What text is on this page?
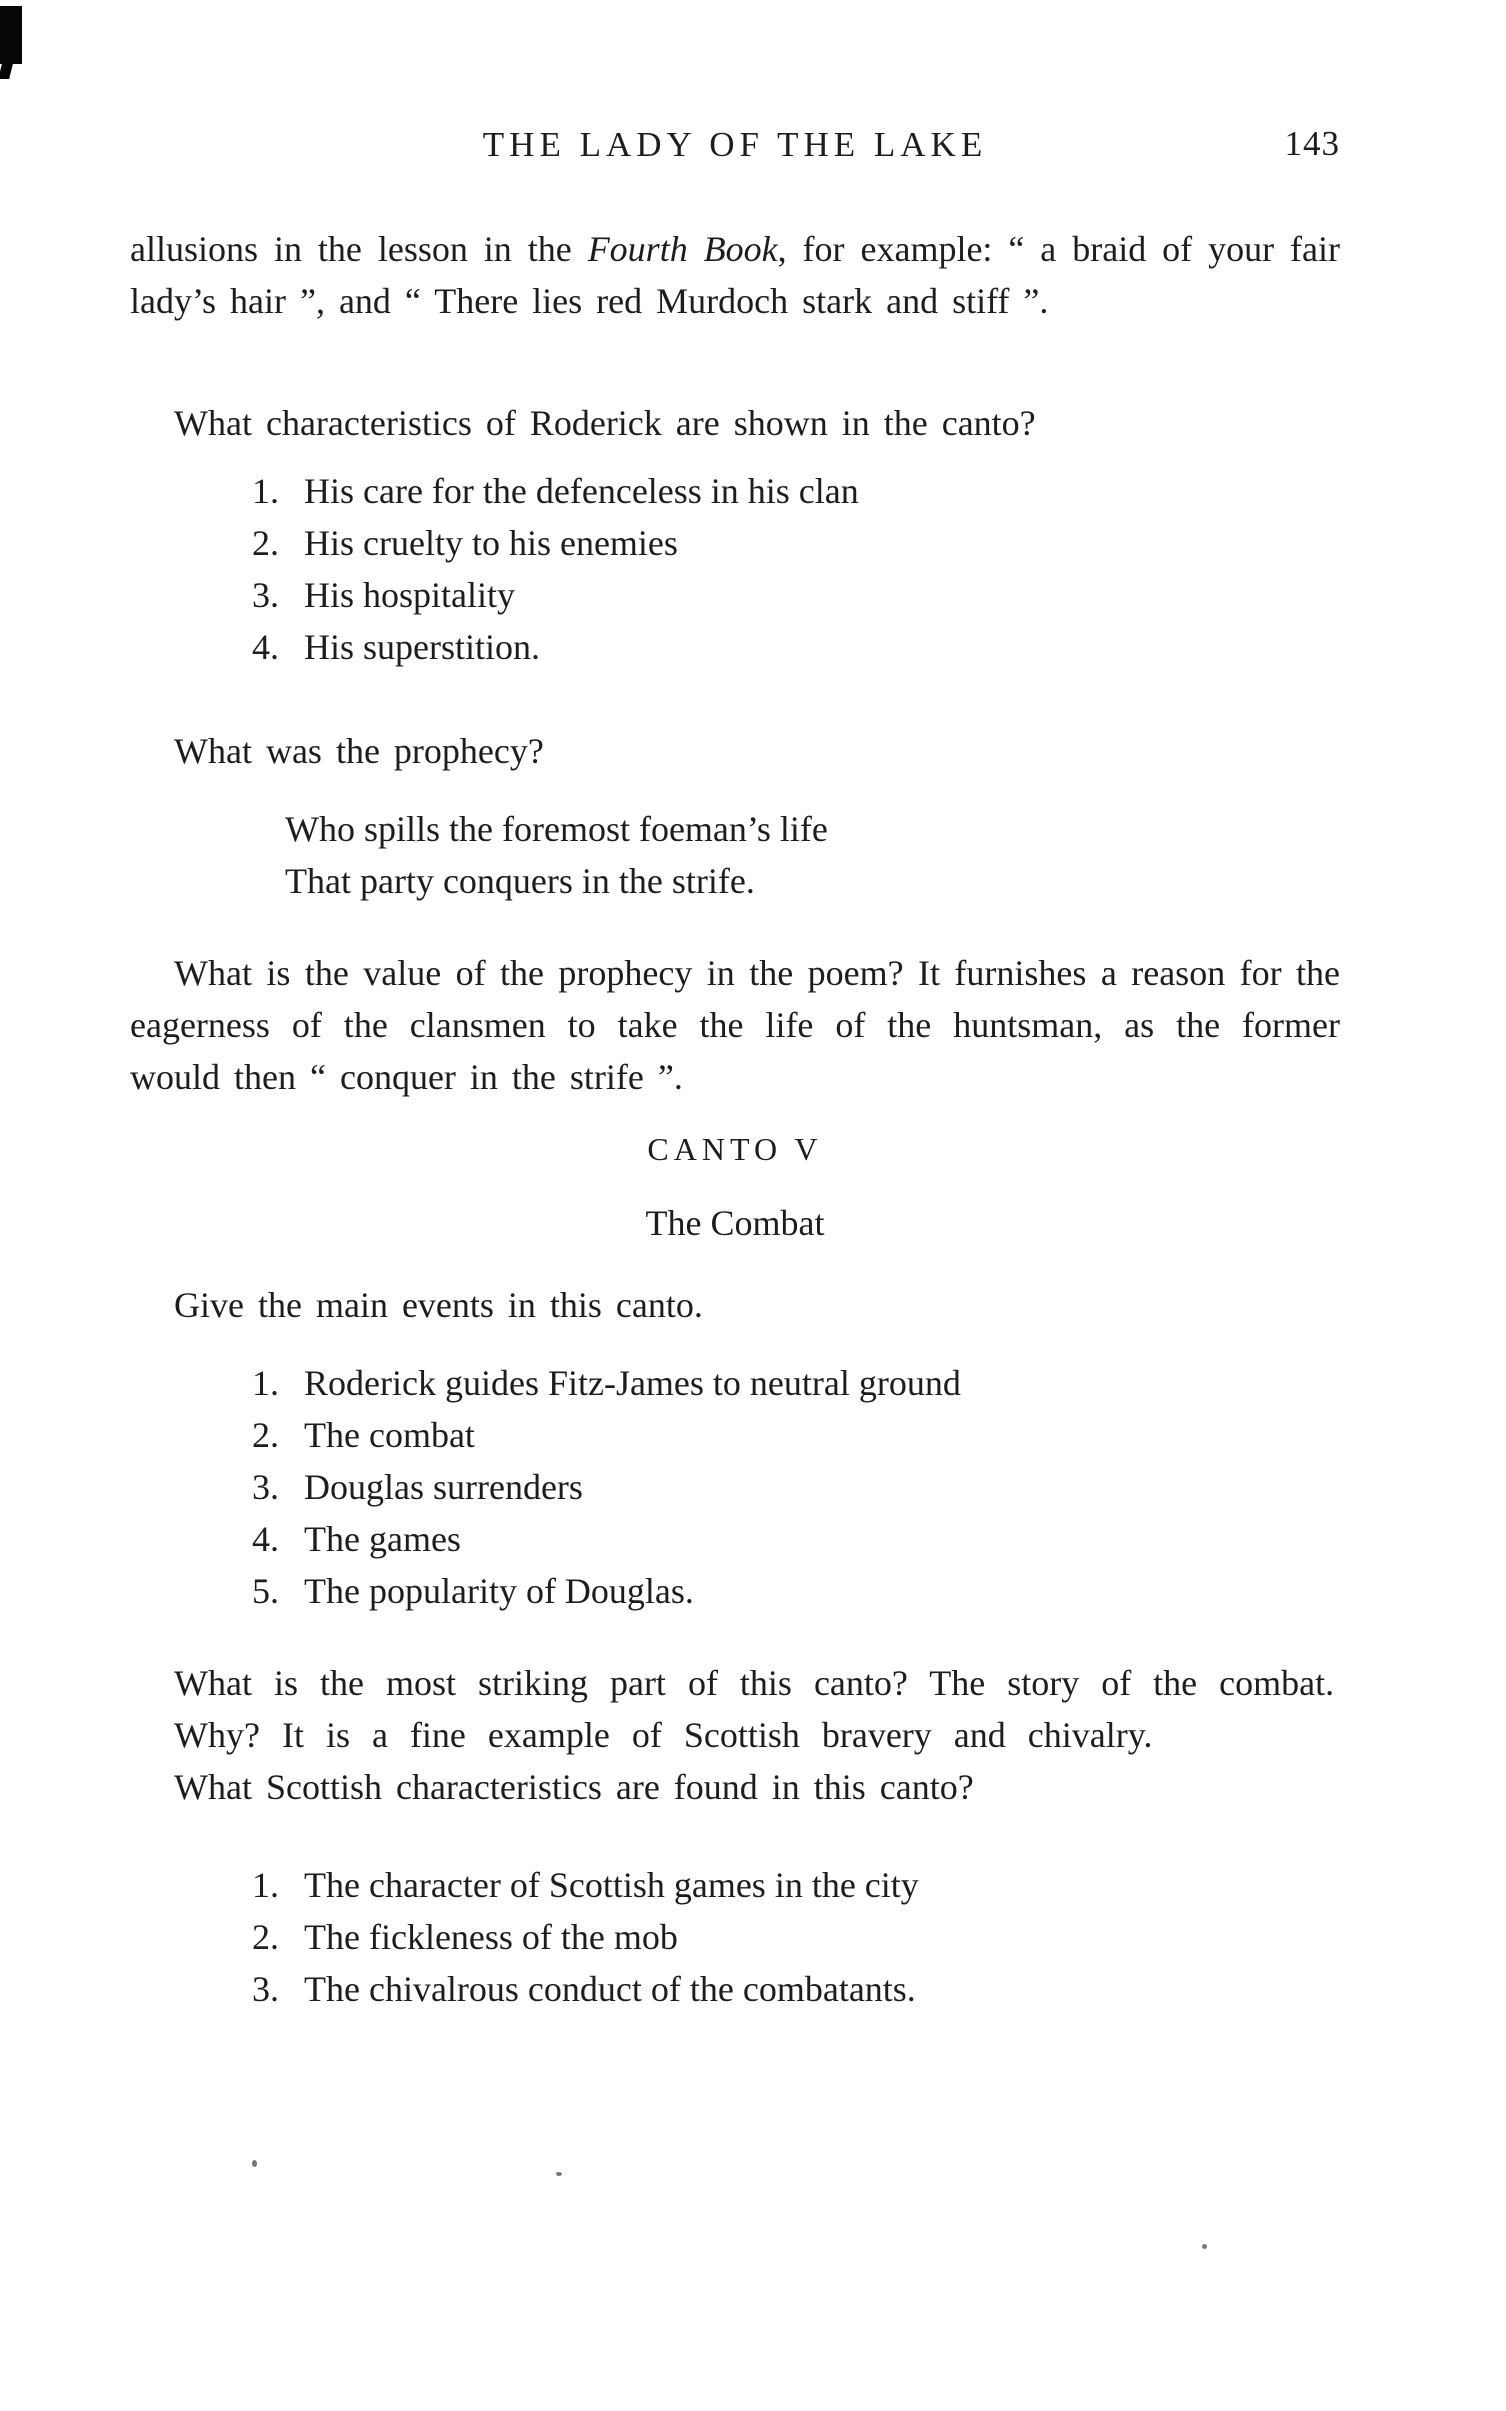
THE LADY OF THE LAKE	143

allusions in the lesson in the Fourth Book, for example: “ a braid of your fair lady’s hair ”, and “ There lies red Murdoch stark and stiff ”.

What characteristics of Roderick are shown in the canto?

1. His care for the defenceless in his clan
2. His cruelty to his enemies
3. His hospitality
4. His superstition.

What was the prophecy?

Who spills the foremost foeman’s life
That party conquers in the strife.

What is the value of the prophecy in the poem? It furnishes a reason for the eagerness of the clansmen to take the life of the huntsman, as the former would then “ conquer in the strife ”.

CANTO V
The Combat

Give the main events in this canto.

1. Roderick guides Fitz-James to neutral ground
2. The combat
3. Douglas surrenders
4. The games
5. The popularity of Douglas.

What is the most striking part of this canto? The story of the combat.

Why? It is a fine example of Scottish bravery and chivalry.

What Scottish characteristics are found in this canto?

1. The character of Scottish games in the city
2. The fickleness of the mob
3. The chivalrous conduct of the combatants.
